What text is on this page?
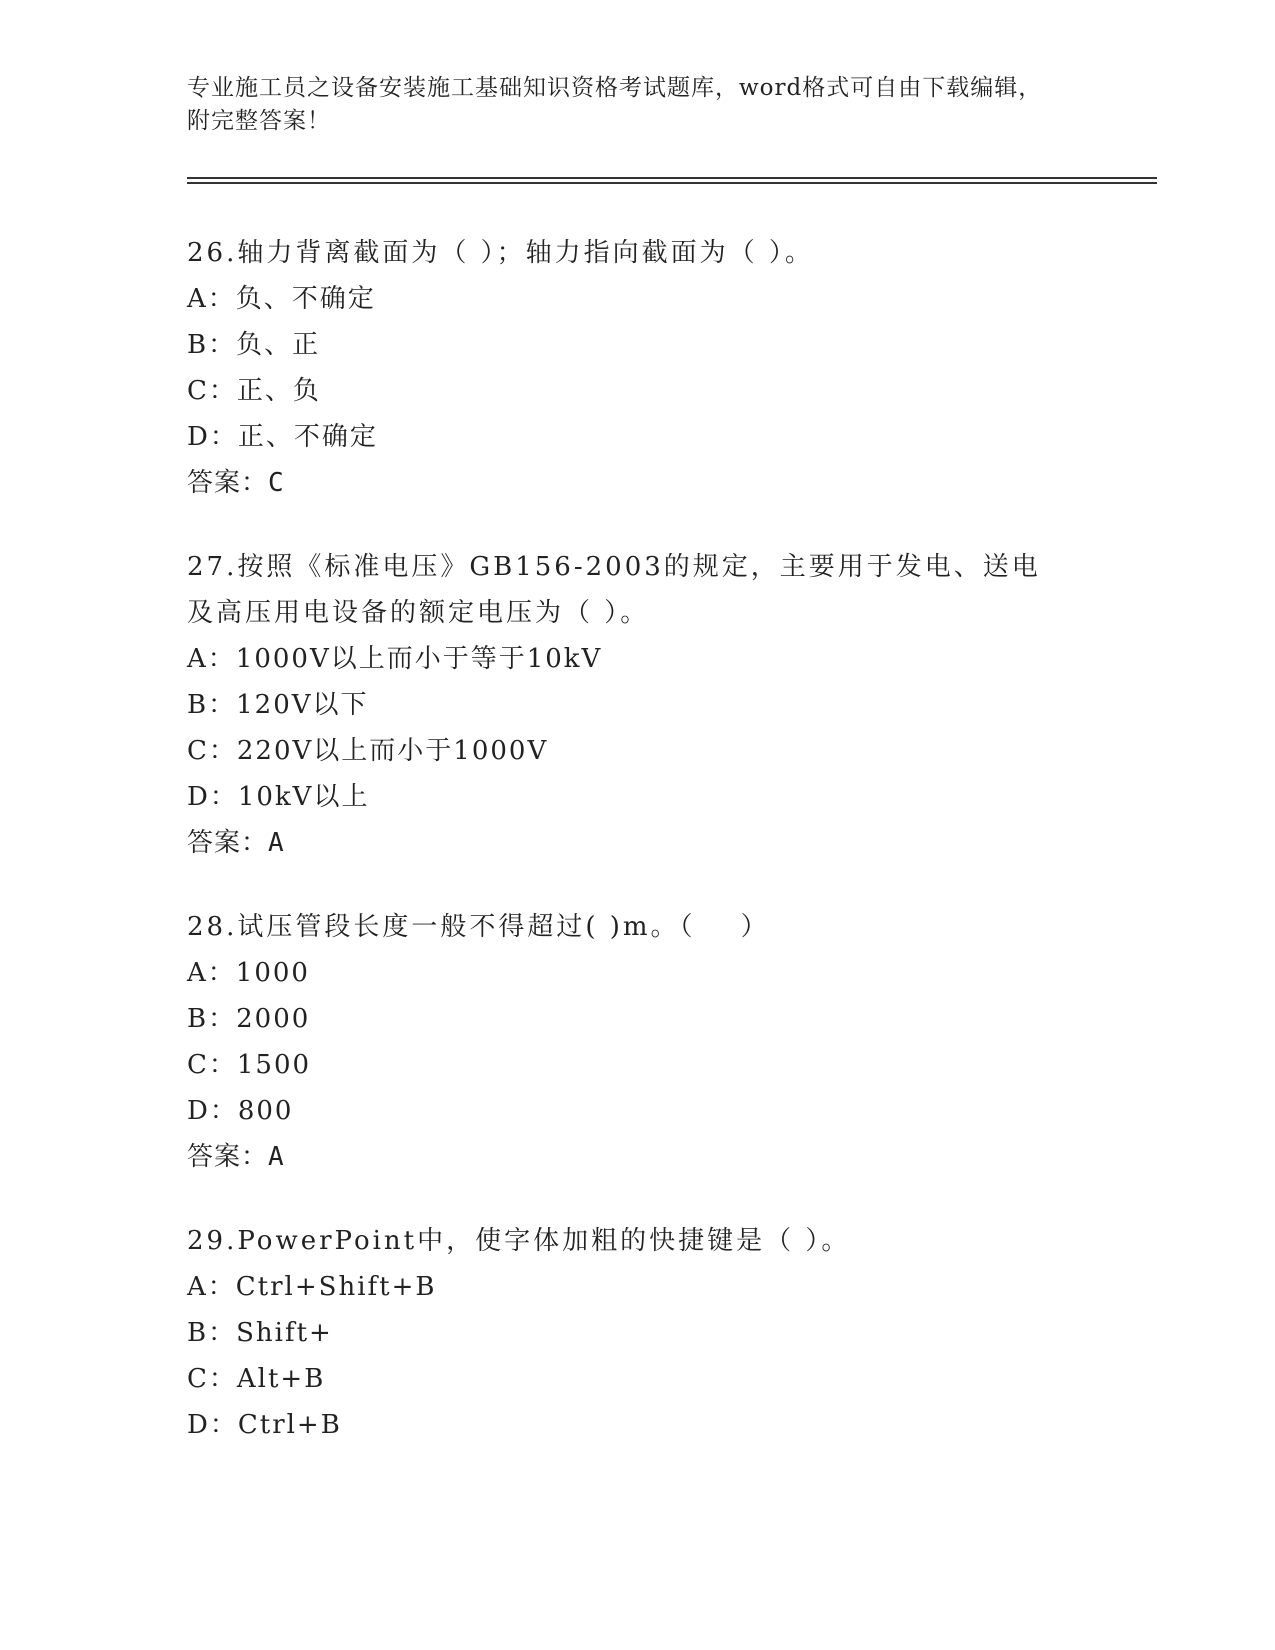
专业施工员之设备安装施工基础知识资格考试题库，word格式可自由下载编辑，
附完整答案！

26.轴力背离截面为（ ）；轴力指向截面为（ ）。

A：负、不确定

B：负、正

C：正、负

D：正、不确定

答案：C

27.按照《标准电压》GB156-2003的规定，主要用于发电、送电及高压用电设备的额定电压为（ ）。

A：1000V以上而小于等于10kV

B：120V以下

C：220V以上而小于1000V

D：10kV以上

答案：A

28.试压管段长度一般不得超过( )m。（    ）

A：1000

B：2000

C：1500

D：800

答案：A

29.PowerPoint中，使字体加粗的快捷键是（ ）。

A：Ctrl+Shift+B

B：Shift+

C：Alt+B

D：Ctrl+B
